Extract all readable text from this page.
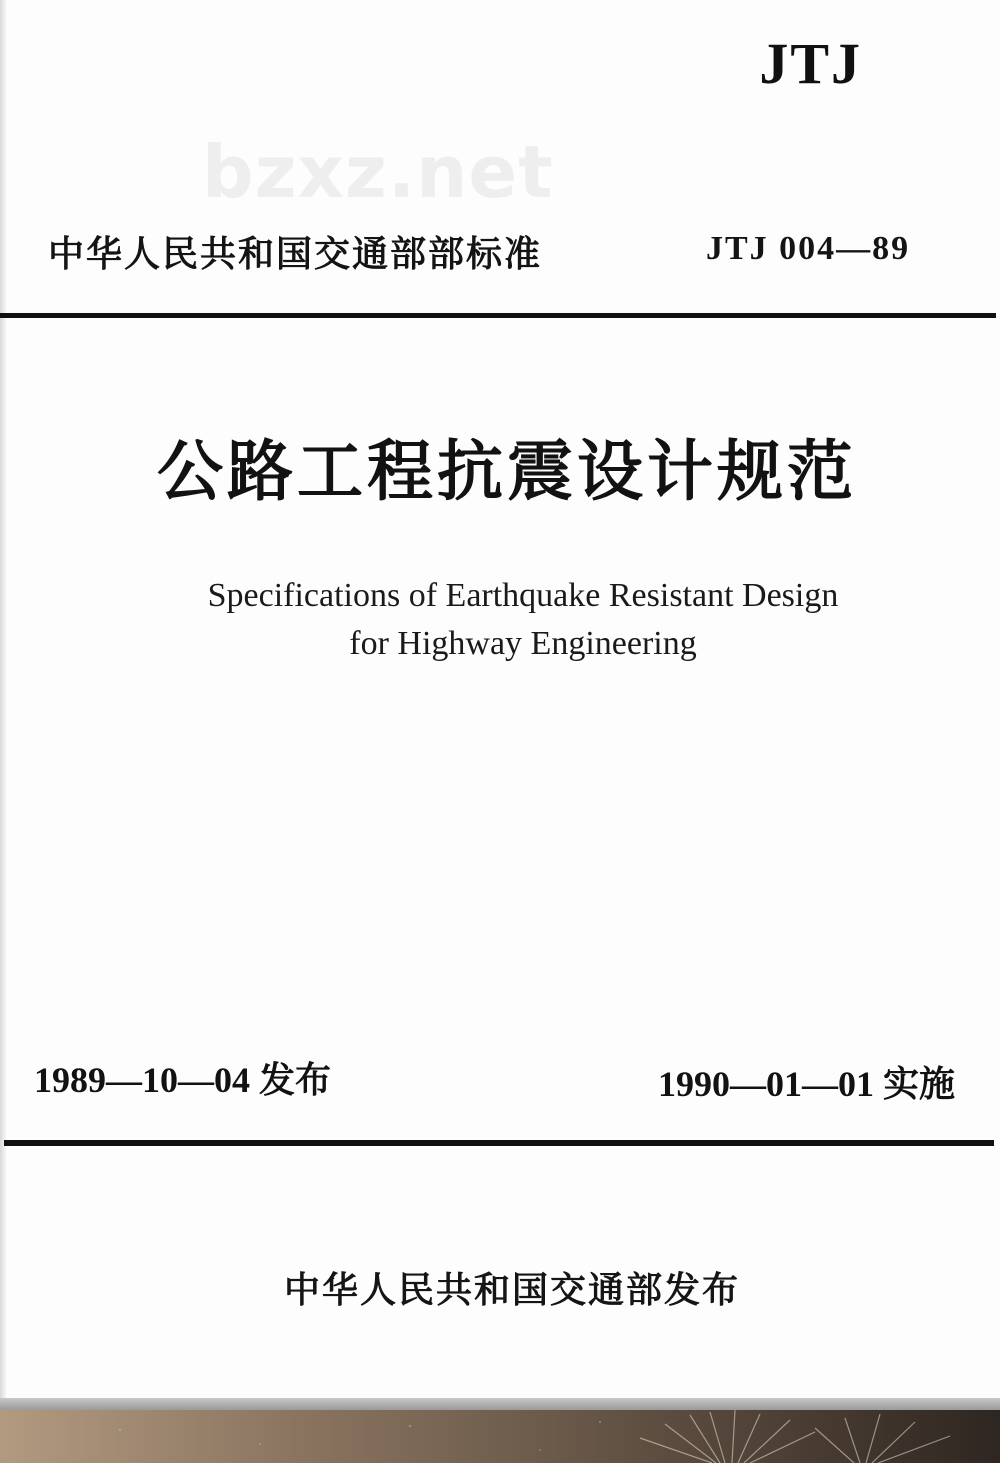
JTJ
bzxz.net
中华人民共和国交通部部标准	JTJ 004—89
公路工程抗震设计规范
Specifications of Earthquake Resistant Design
for Highway Engineering
1989—10—04 发布	1990—01—01 实施
中华人民共和国交通部发布
